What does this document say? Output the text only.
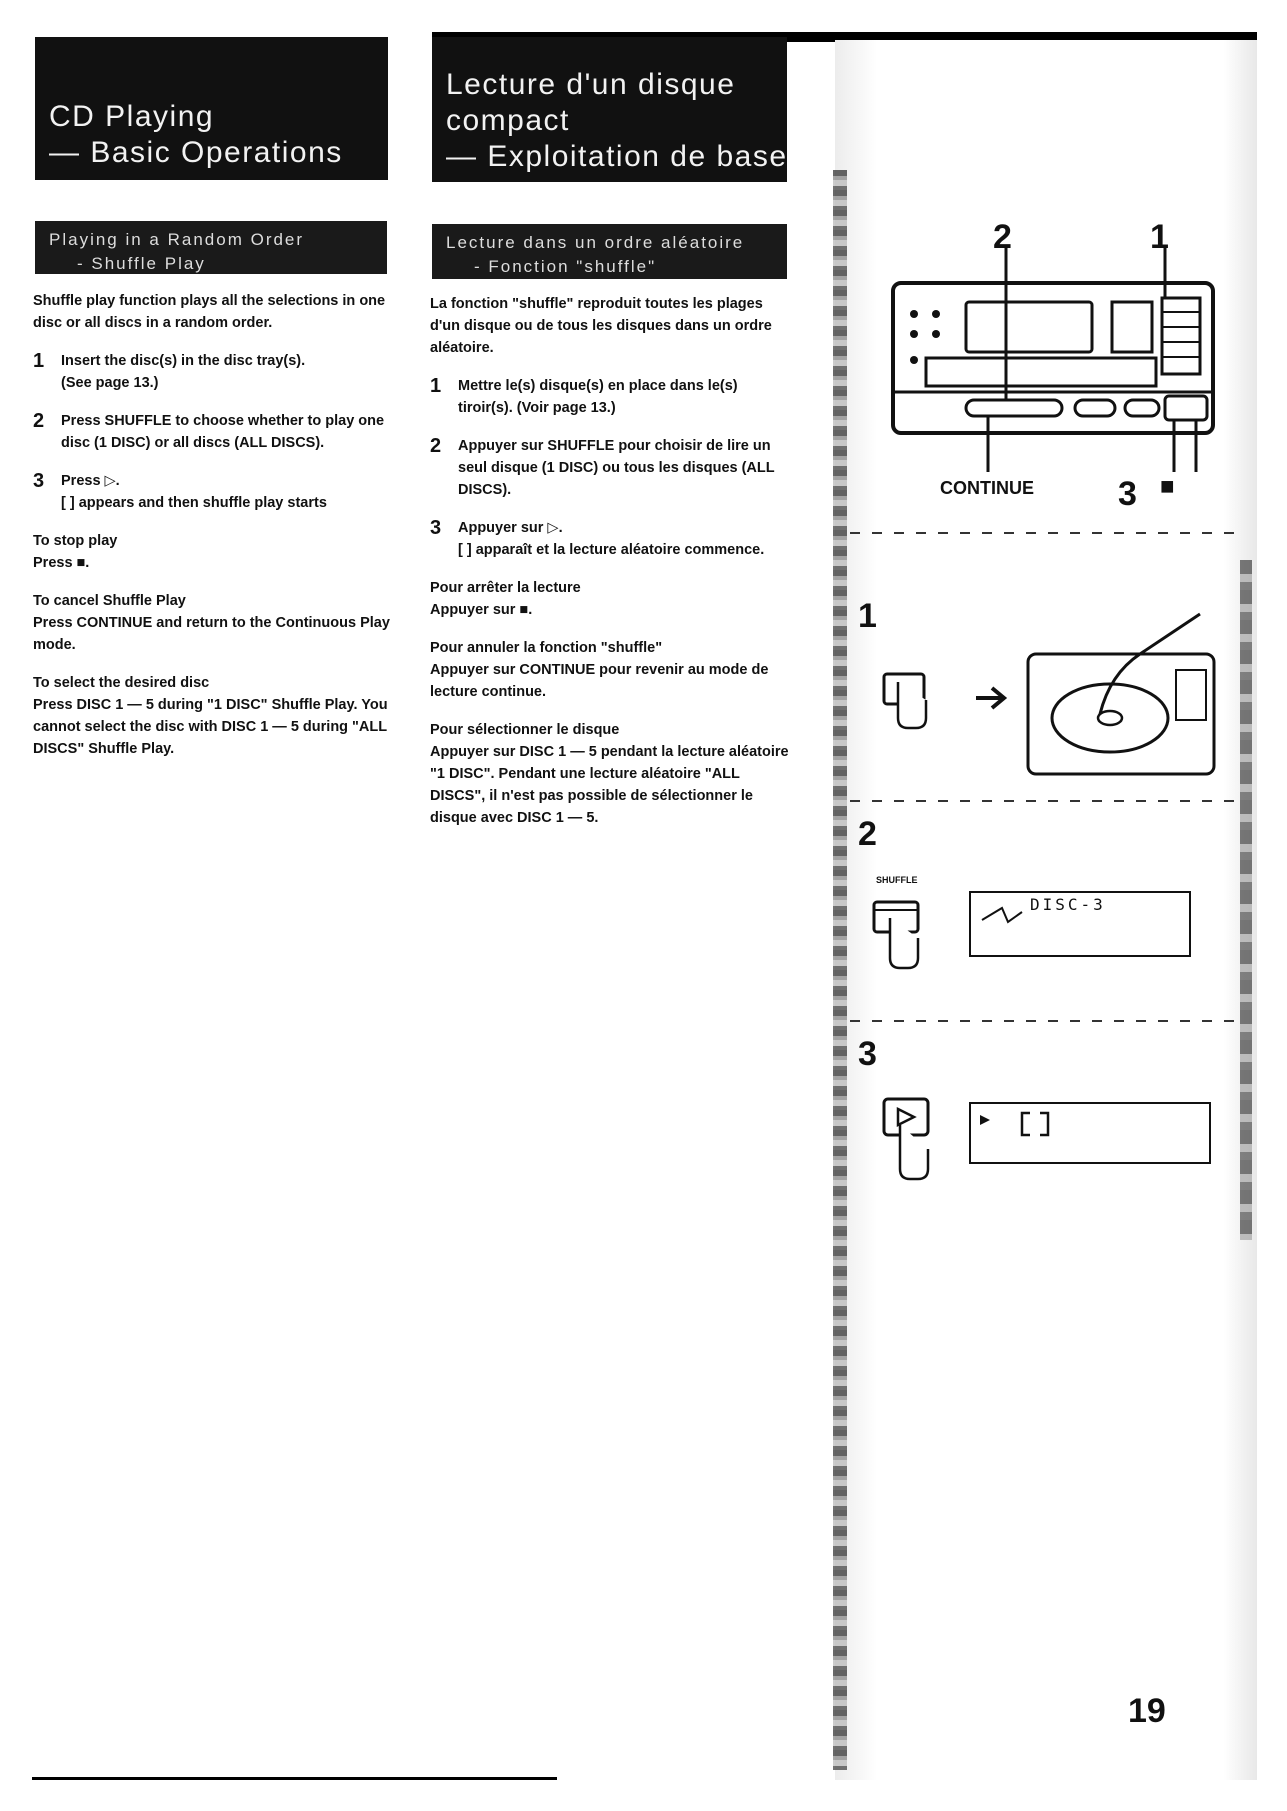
CD Playing
— Basic Operations
Lecture d'un disque
compact
— Exploitation de base
Playing in a Random Order
- Shuffle Play
Lecture dans un ordre aléatoire
- Fonction "shuffle"

Shuffle play function plays all the selections in one disc or all discs in a random order.

1	Insert the disc(s) in the disc tray(s).
(See page 13.)
2	Press SHUFFLE to choose whether to play one disc (1 DISC) or all discs (ALL DISCS).
3	Press ▷.
[ ] appears and then shuffle play starts

To stop play
Press ■.

To cancel Shuffle Play
Press CONTINUE and return to the Continuous Play mode.

To select the desired disc
Press DISC 1 — 5 during "1 DISC" Shuffle Play. You cannot select the disc with DISC 1 — 5 during "ALL DISCS" Shuffle Play.

La fonction "shuffle" reproduit toutes les plages d'un disque ou de tous les disques dans un ordre aléatoire.

1	Mettre le(s) disque(s) en place dans le(s) tiroir(s). (Voir page 13.)
2	Appuyer sur SHUFFLE pour choisir de lire un seul disque (1 DISC) ou tous les disques (ALL DISCS).
3	Appuyer sur ▷.
[ ] apparaît et la lecture aléatoire commence.

Pour arrêter la lecture
Appuyer sur ■.

Pour annuler la fonction "shuffle"
Appuyer sur CONTINUE pour revenir au mode de lecture continue.

Pour sélectionner le disque
Appuyer sur DISC 1 — 5 pendant la lecture aléatoire "1 DISC". Pendant une lecture aléatoire "ALL DISCS", il n'est pas possible de sélectionner le disque avec DISC 1 — 5.

2	1
3 ■
CONTINUE
1
2
SHUFFLE
DISC-3
3
19
